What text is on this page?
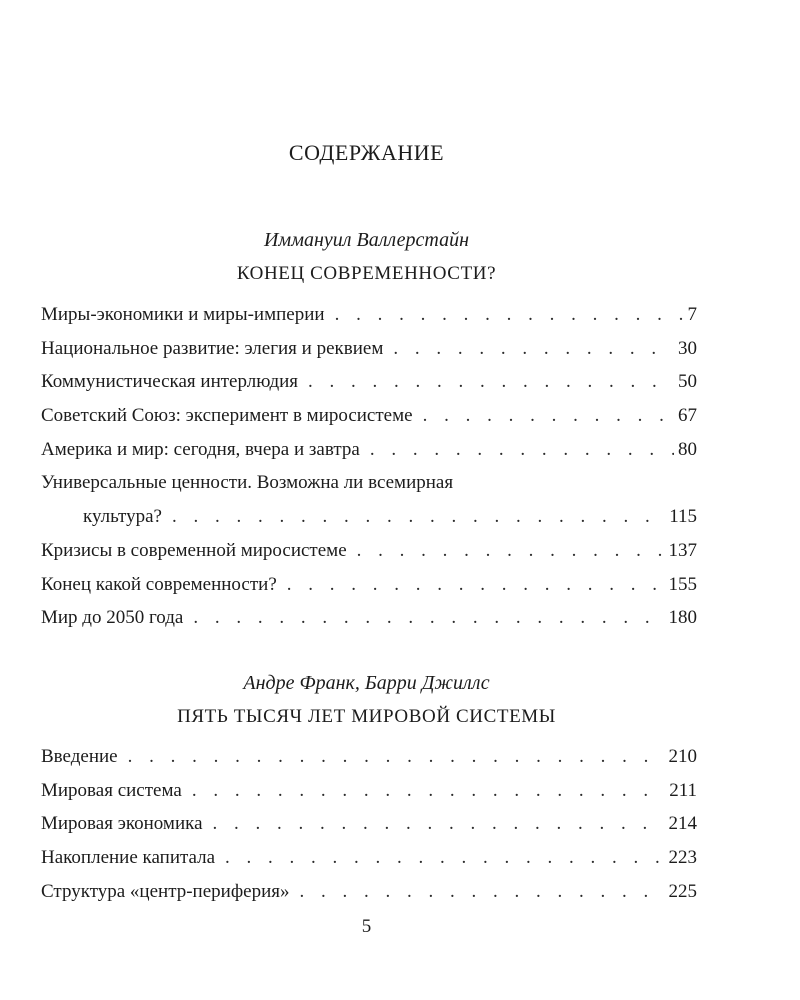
СОДЕРЖАНИЕ
Иммануил Валлерстайн
КОНЕЦ СОВРЕМЕННОСТИ?
Миры-экономики и миры-империи . . .	7
Национальное развитие: элегия и реквием . . .	30
Коммунистическая интерлюдия . . .	50
Советский Союз: эксперимент в миросистеме . . .	67
Америка и мир: сегодня, вчера и завтра . . .	80
Универсальные ценности. Возможна ли всемирная
культура? . . .	115
Кризисы в современной миросистеме . . .	137
Конец какой современности? . . .	155
Мир до 2050 года . . .	180
Андре Франк, Барри Джиллс
ПЯТЬ ТЫСЯЧ ЛЕТ МИРОВОЙ СИСТЕМЫ
Введение . . .	210
Мировая система . . .	211
Мировая экономика . . .	214
Накопление капитала . . .	223
Структура «центр-периферия» . . .	225
5
